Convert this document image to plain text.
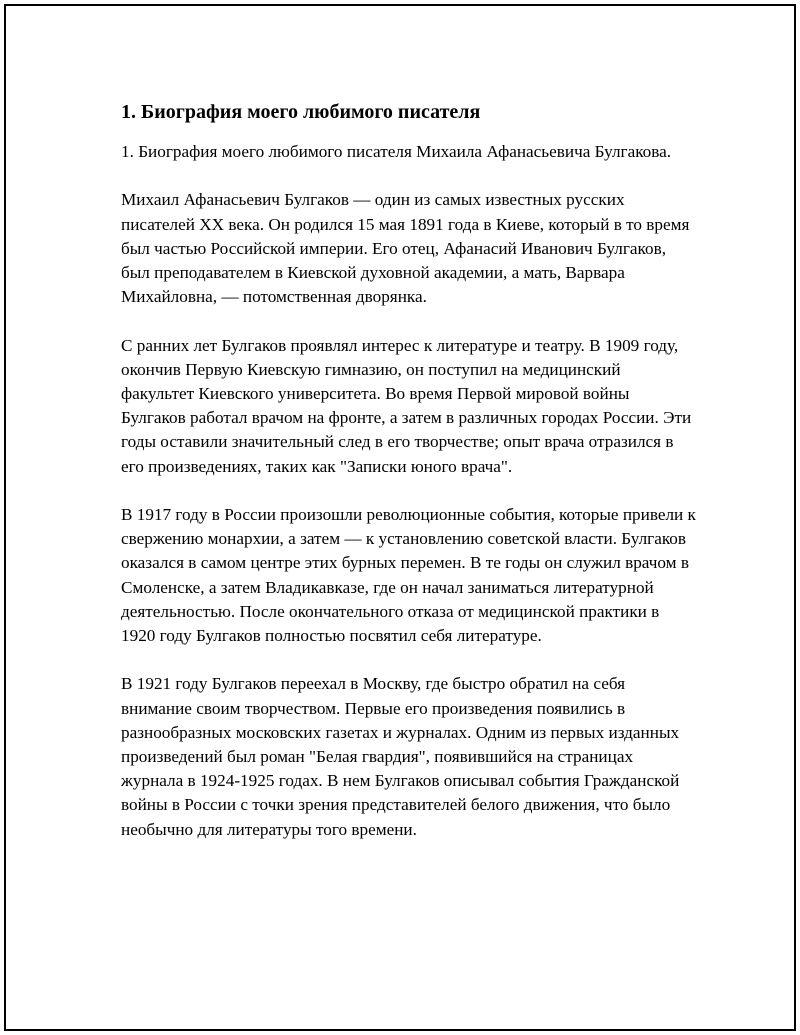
1. Биография моего любимого писателя

1. Биография моего любимого писателя Михаила Афанасьевича Булгакова.

Михаил Афанасьевич Булгаков — один из самых известных русских писателей XX века. Он родился 15 мая 1891 года в Киеве, который в то время был частью Российской империи. Его отец, Афанасий Иванович Булгаков, был преподавателем в Киевской духовной академии, а мать, Варвара Михайловна, — потомственная дворянка.

С ранних лет Булгаков проявлял интерес к литературе и театру. В 1909 году, окончив Первую Киевскую гимназию, он поступил на медицинский факультет Киевского университета. Во время Первой мировой войны Булгаков работал врачом на фронте, а затем в различных городах России. Эти годы оставили значительный след в его творчестве; опыт врача отразился в его произведениях, таких как "Записки юного врача".

В 1917 году в России произошли революционные события, которые привели к свержению монархии, а затем — к установлению советской власти. Булгаков оказался в самом центре этих бурных перемен. В те годы он служил врачом в Смоленске, а затем Владикавказе, где он начал заниматься литературной деятельностью. После окончательного отказа от медицинской практики в 1920 году Булгаков полностью посвятил себя литературе.

В 1921 году Булгаков переехал в Москву, где быстро обратил на себя внимание своим творчеством. Первые его произведения появились в разнообразных московских газетах и журналах. Одним из первых изданных произведений был роман "Белая гвардия", появившийся на страницах журнала в 1924-1925 годах. В нем Булгаков описывал события Гражданской войны в России с точки зрения представителей белого движения, что было необычно для литературы того времени.
